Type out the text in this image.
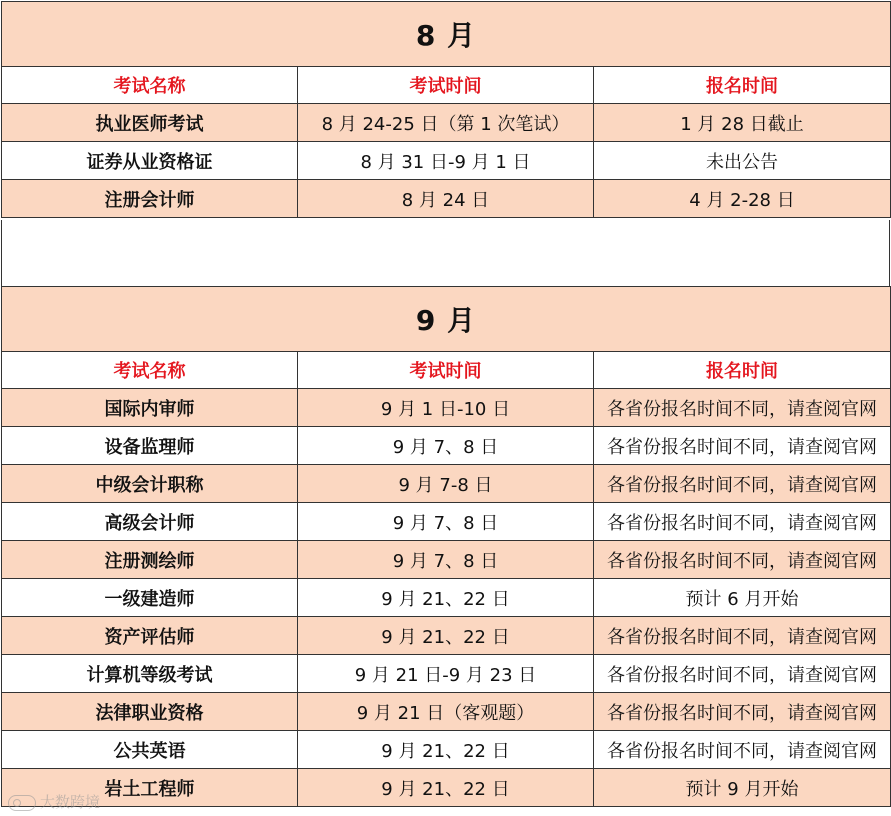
8 月		
考试名称	考试时间	报名时间
执业医师考试	8 月 24-25 日（第 1 次笔试）	1 月 28 日截止
证券从业资格证	8 月 31 日-9 月 1 日	未出公告
注册会计师	8 月 24 日	4 月 2-28 日
9 月		
考试名称	考试时间	报名时间
国际内审师	9 月 1 日-10 日	各省份报名时间不同，请查阅官网
设备监理师	9 月 7、8 日	各省份报名时间不同，请查阅官网
中级会计职称	9 月 7-8 日	各省份报名时间不同，请查阅官网
高级会计师	9 月 7、8 日	各省份报名时间不同，请查阅官网
注册测绘师	9 月 7、8 日	各省份报名时间不同，请查阅官网
一级建造师	9 月 21、22 日	预计 6 月开始
资产评估师	9 月 21、22 日	各省份报名时间不同，请查阅官网
计算机等级考试	9 月 21 日-9 月 23 日	各省份报名时间不同，请查阅官网
法律职业资格	9 月 21 日（客观题）	各省份报名时间不同，请查阅官网
公共英语	9 月 21、22 日	各省份报名时间不同，请查阅官网
岩土工程师	9 月 21、22 日	预计 9 月开始
大数跨境
